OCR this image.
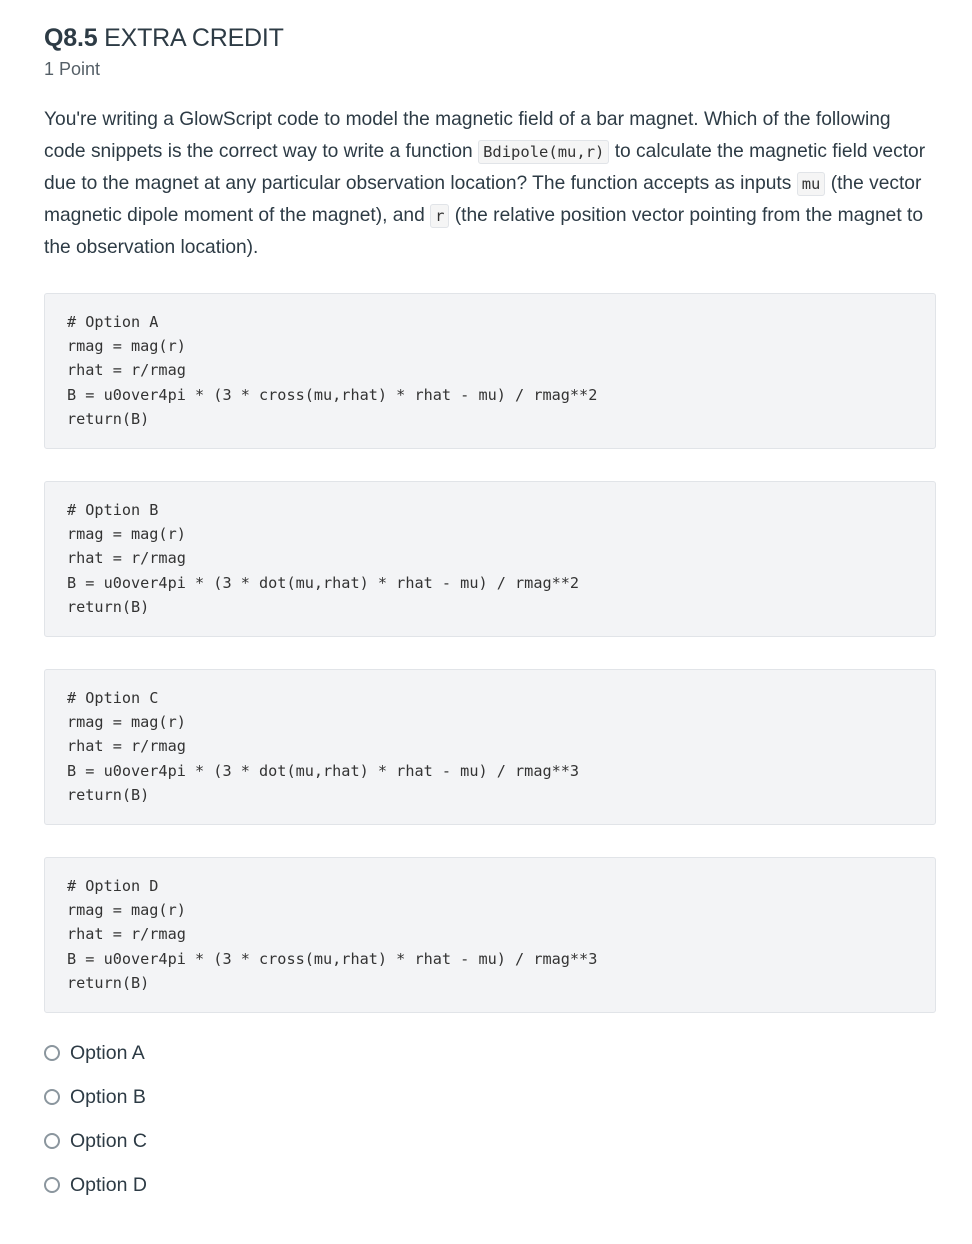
Q8.5 EXTRA CREDIT
1 Point
You're writing a GlowScript code to model the magnetic field of a bar magnet. Which of the following code snippets is the correct way to write a function Bdipole(mu,r) to calculate the magnetic field vector due to the magnet at any particular observation location? The function accepts as inputs mu (the vector magnetic dipole moment of the magnet), and r (the relative position vector pointing from the magnet to the observation location).
# Option A
rmag = mag(r)
rhat = r/rmag
B = u0over4pi * (3 * cross(mu,rhat) * rhat - mu) / rmag**2
return(B)
# Option B
rmag = mag(r)
rhat = r/rmag
B = u0over4pi * (3 * dot(mu,rhat) * rhat - mu) / rmag**2
return(B)
# Option C
rmag = mag(r)
rhat = r/rmag
B = u0over4pi * (3 * dot(mu,rhat) * rhat - mu) / rmag**3
return(B)
# Option D
rmag = mag(r)
rhat = r/rmag
B = u0over4pi * (3 * cross(mu,rhat) * rhat - mu) / rmag**3
return(B)
Option A
Option B
Option C
Option D
